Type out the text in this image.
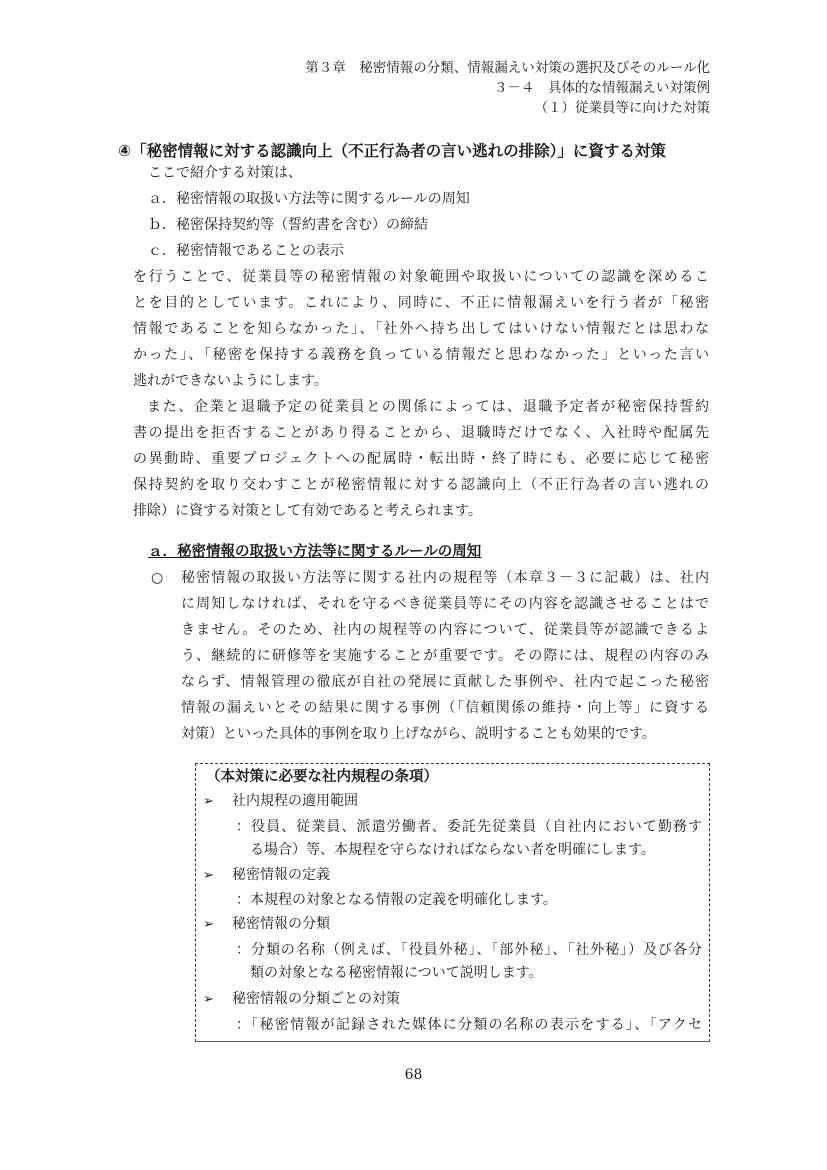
第３章　秘密情報の分類、情報漏えい対策の選択及びそのルール化
３－４　具体的な情報漏えい対策例
（１）従業員等に向けた対策
④「秘密情報に対する認識向上（不正行為者の言い逃れの排除）」に資する対策
ここで紹介する対策は、
ａ．秘密情報の取扱い方法等に関するルールの周知
ｂ．秘密保持契約等（誓約書を含む）の締結
ｃ．秘密情報であることの表示
を行うことで、従業員等の秘密情報の対象範囲や取扱いについての認識を深めるこ
とを目的としています。これにより、同時に、不正に情報漏えいを行う者が「秘密
情報であることを知らなかった」、「社外へ持ち出してはいけない情報だとは思わな
かった」、「秘密を保持する義務を負っている情報だと思わなかった」といった言い
逃れができないようにします。
また、企業と退職予定の従業員との関係によっては、退職予定者が秘密保持誓約
書の提出を拒否することがあり得ることから、退職時だけでなく、入社時や配属先
の異動時、重要プロジェクトへの配属時・転出時・終了時にも、必要に応じて秘密
保持契約を取り交わすことが秘密情報に対する認識向上（不正行為者の言い逃れの
排除）に資する対策として有効であると考えられます。
ａ．秘密情報の取扱い方法等に関するルールの周知
○ 秘密情報の取扱い方法等に関する社内の規程等（本章３－３に記載）は、社内
に周知しなければ、それを守るべき従業員等にその内容を認識させることはで
きません。そのため、社内の規程等の内容について、従業員等が認識できるよ
う、継続的に研修等を実施することが重要です。その際には、規程の内容のみ
ならず、情報管理の徹底が自社の発展に貢献した事例や、社内で起こった秘密
情報の漏えいとその結果に関する事例（「信頼関係の維持・向上等」に資する
対策）といった具体的事例を取り上げながら、説明することも効果的です。
（本対策に必要な社内規程の条項）
➢ 社内規程の適用範囲
：役員、従業員、派遣労働者、委託先従業員（自社内において勤務す
る場合）等、本規程を守らなければならない者を明確にします。
➢ 秘密情報の定義
：本規程の対象となる情報の定義を明確化します。
➢ 秘密情報の分類
：分類の名称（例えば、「役員外秘」、「部外秘」、「社外秘」）及び各分
類の対象となる秘密情報について説明します。
➢ 秘密情報の分類ごとの対策
：「秘密情報が記録された媒体に分類の名称の表示をする」、「アクセ
68
